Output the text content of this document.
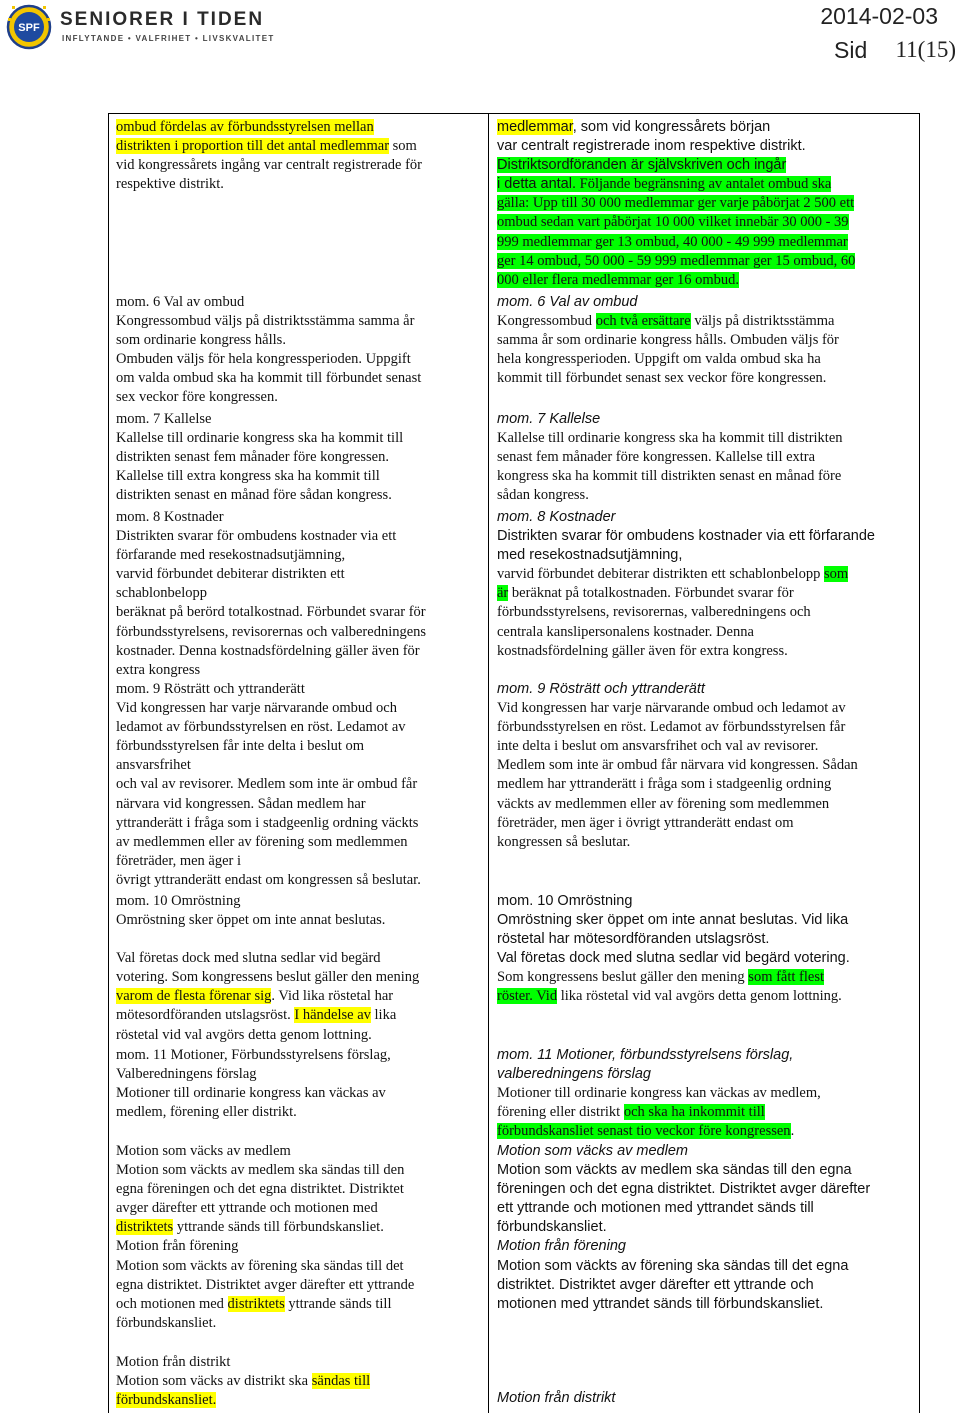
SPF SENIORER I TIDEN
INFLYTANDE • VALFRIHET • LIVSKVALITET
2014-02-03
Sid 11(15)
ombud fördelas av förbundsstyrelsen mellan
distrikten i proportion till det antal medlemmar som
vid kongressårets ingång var centralt registrerade för
respektive distrikt.
mom. 6 Val av ombud
Kongressombud väljs på distriktsstämma samma år
som ordinarie kongress hålls.
Ombuden väljs för hela kongressperioden. Uppgift
om valda ombud ska ha kommit till förbundet senast
sex veckor före kongressen.
mom. 7 Kallelse
Kallelse till ordinarie kongress ska ha kommit till
distrikten senast fem månader före kongressen.
Kallelse till extra kongress ska ha kommit till
distrikten senast en månad före sådan kongress.
mom. 8 Kostnader
Distrikten svarar för ombudens kostnader via ett
förfarande med resekostnadsutjämning,
varvid förbundet debiterar distrikten ett
schablonbelopp
beräknat på berörd totalkostnad. Förbundet svarar för
förbundsstyrelsens, revisorernas och valberedningens
kostnader. Denna kostnadsfördelning gäller även för
extra kongress
mom. 9 Rösträtt och yttranderätt
Vid kongressen har varje närvarande ombud och
ledamot av förbundsstyrelsen en röst. Ledamot av
förbundsstyrelsen får inte delta i beslut om
ansvarsfrihet
och val av revisorer. Medlem som inte är ombud får
närvara vid kongressen. Sådan medlem har
yttranderätt i fråga som i stadgeenlig ordning väckts
av medlemmen eller av förening som medlemmen
företräder, men äger i
övrigt yttranderätt endast om kongressen så beslutar.
mom. 10 Omröstning
Omröstning sker öppet om inte annat beslutas.
Val företas dock med slutna sedlar vid begärd
votering. Som kongressens beslut gäller den mening
varom de flesta förenar sig. Vid lika röstetal har
mötesordföranden utslagsröst. I händelse av lika
röstetal vid val avgörs detta genom lottning.
mom. 11 Motioner, Förbundsstyrelsens förslag,
Valberedningens förslag
Motioner till ordinarie kongress kan väckas av
medlem, förening eller distrikt.
Motion som väcks av medlem
Motion som väckts av medlem ska sändas till den
egna föreningen och det egna distriktet. Distriktet
avger därefter ett yttrande och motionen med
distriktets yttrande sänds till förbundskansliet.
Motion från förening
Motion som väckts av förening ska sändas till det
egna distriktet. Distriktet avger därefter ett yttrande
och motionen med distriktets yttrande sänds till
förbundskansliet.
Motion från distrikt
Motion som väcks av distrikt ska sändas till
förbundskansliet.
medlemmar, som vid kongressårets början
var centralt registrerade inom respektive distrikt.
Distriktsordföranden är självskriven och ingår
i detta antal. Följande begränsning av antalet ombud ska
gälla: Upp till 30 000 medlemmar ger varje påbörjat 2 500 ett
ombud sedan vart påbörjat 10 000 vilket innebär 30 000 - 39
999 medlemmar ger 13 ombud, 40 000 - 49 999 medlemmar
ger 14 ombud, 50 000 - 59 999 medlemmar ger 15 ombud, 60
000 eller flera medlemmar ger 16 ombud.
mom. 6 Val av ombud
Kongressombud och två ersättare väljs på distriktsstämma
samma år som ordinarie kongress hålls. Ombuden väljs för
hela kongressperioden. Uppgift om valda ombud ska ha
kommit till förbundet senast sex veckor före kongressen.
mom. 7 Kallelse
Kallelse till ordinarie kongress ska ha kommit till distrikten
senast fem månader före kongressen. Kallelse till extra
kongress ska ha kommit till distrikten senast en månad före
sådan kongress.
mom. 8 Kostnader
Distrikten svarar för ombudens kostnader via ett förfarande
med resekostnadsutjämning,
varvid förbundet debiterar distrikten ett schablonbelopp som
är beräknat på totalkostnaden. Förbundet svarar för
förbundsstyrelsens, revisorernas, valberedningens och
centrala kanslipersonalens kostnader. Denna
kostnadsfördelning gäller även för extra kongress.
mom. 9 Rösträtt och yttranderätt
Vid kongressen har varje närvarande ombud och ledamot av
förbundsstyrelsen en röst. Ledamot av förbundsstyrelsen får
inte delta i beslut om ansvarsfrihet och val av revisorer.
Medlem som inte är ombud får närvara vid kongressen. Sådan
medlem har yttranderätt i fråga som i stadgeenlig ordning
väckts av medlemmen eller av förening som medlemmen
företräder, men äger i övrigt yttranderätt endast om
kongressen så beslutar.
mom. 10 Omröstning
Omröstning sker öppet om inte annat beslutas. Vid lika
röstetal har mötesordföranden utslagsröst.
Val företas dock med slutna sedlar vid begärd votering.
Som kongressens beslut gäller den mening som fått flest
röster. Vid lika röstetal vid val avgörs detta genom lottning.
mom. 11 Motioner, förbundsstyrelsens förslag,
valberedningens förslag
Motioner till ordinarie kongress kan väckas av medlem,
förening eller distrikt och ska ha inkommit till
förbundskansliet senast tio veckor före kongressen.
Motion som väcks av medlem
Motion som väckts av medlem ska sändas till den egna
föreningen och det egna distriktet. Distriktet avger därefter
ett yttrande och motionen med yttrandet sänds till
förbundskansliet.
Motion från förening
Motion som väckts av förening ska sändas till det egna
distriktet. Distriktet avger därefter ett yttrande och
motionen med yttrandet sänds till förbundskansliet.
Motion från distrikt
